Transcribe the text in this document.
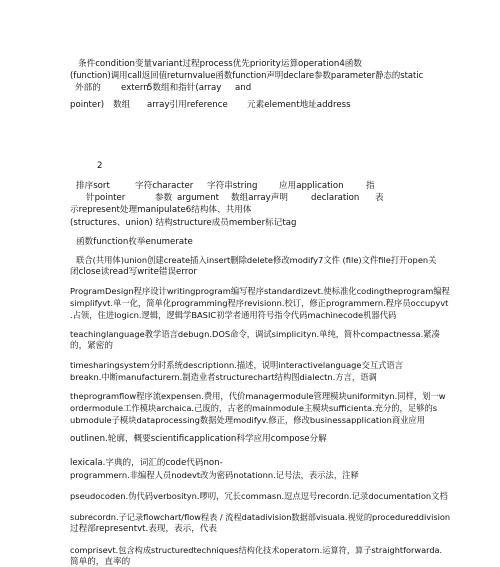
条件condition变量variant过程process优先priority运算operation4函数
(function)调用call返回值returnvalue函数function声明declare参数parameter静态的static
外部的 extern
5数组和指针(array and
pointer) 数组 array引用reference 元素element地址address
2
排序sort	字符character 字符串string	应用application	指
针pointer	参数 argument 数组array声明	declaration 表
示represent处理manipulate6结构体、共用体
(structures、union) 结构structure成员member标记tag
函数function枚举enumerate
联合(共用体)union创建create插入insert删除delete修改modify7文件 (file)文件file打开open关
闭close读read写write错误error
ProgramDesign程序设计writingprogram编写程序standardizevt.使标准化codingtheprogram编程
simplifyvt.单一化，简单化programming程序revisionn.校订，修正programmern.程序员occupyvt
.占领，住进logicn.逻辑，逻辑学BASIC初学者通用符号指令代码machinecode机器代码
teachinglanguage教学语言debugn.DOS命令，调试simplicityn.单纯，简朴compactnessa.紧凑
的，紧密的
timesharingsystem分时系统descriptionn.描述，说明interactivelanguage交互式语言
breakn.中断manufacturern.制造业者structurechart结构图dialectn.方言，语调
theprogramflow程序流expensen.费用，代价managermodule管理模块uniformityn.同样，划一w
ordermodule工作模块archaica.己废的，古老的mainmodule主模块sufficienta.充分的，足够的s
ubmodule子模块dataprocessing数据处理modifyv.修正，修改businessapplication商业应用
outlinen.轮廓，概要scientificapplication科学应用compose分解
lexicala.字典的，词汇的code代码non-
programmern.非编程人员nodevt改为密码notationn.记号法，表示法，注释
pseudocoden.伪代码verbosityn.啰叨，冗长commasn.逗点逗号recordn.记录documentation文档
subrecordn.子记录flowchart/flow程表 / 流程datadivision数据部visuala.视觉的procedureddivision
过程部representvt.表现，表示，代表
comprisevt.包含构成structuredtechniques结构化技术operatorn.运算符，算子straightforwarda.
简单的，直率的
